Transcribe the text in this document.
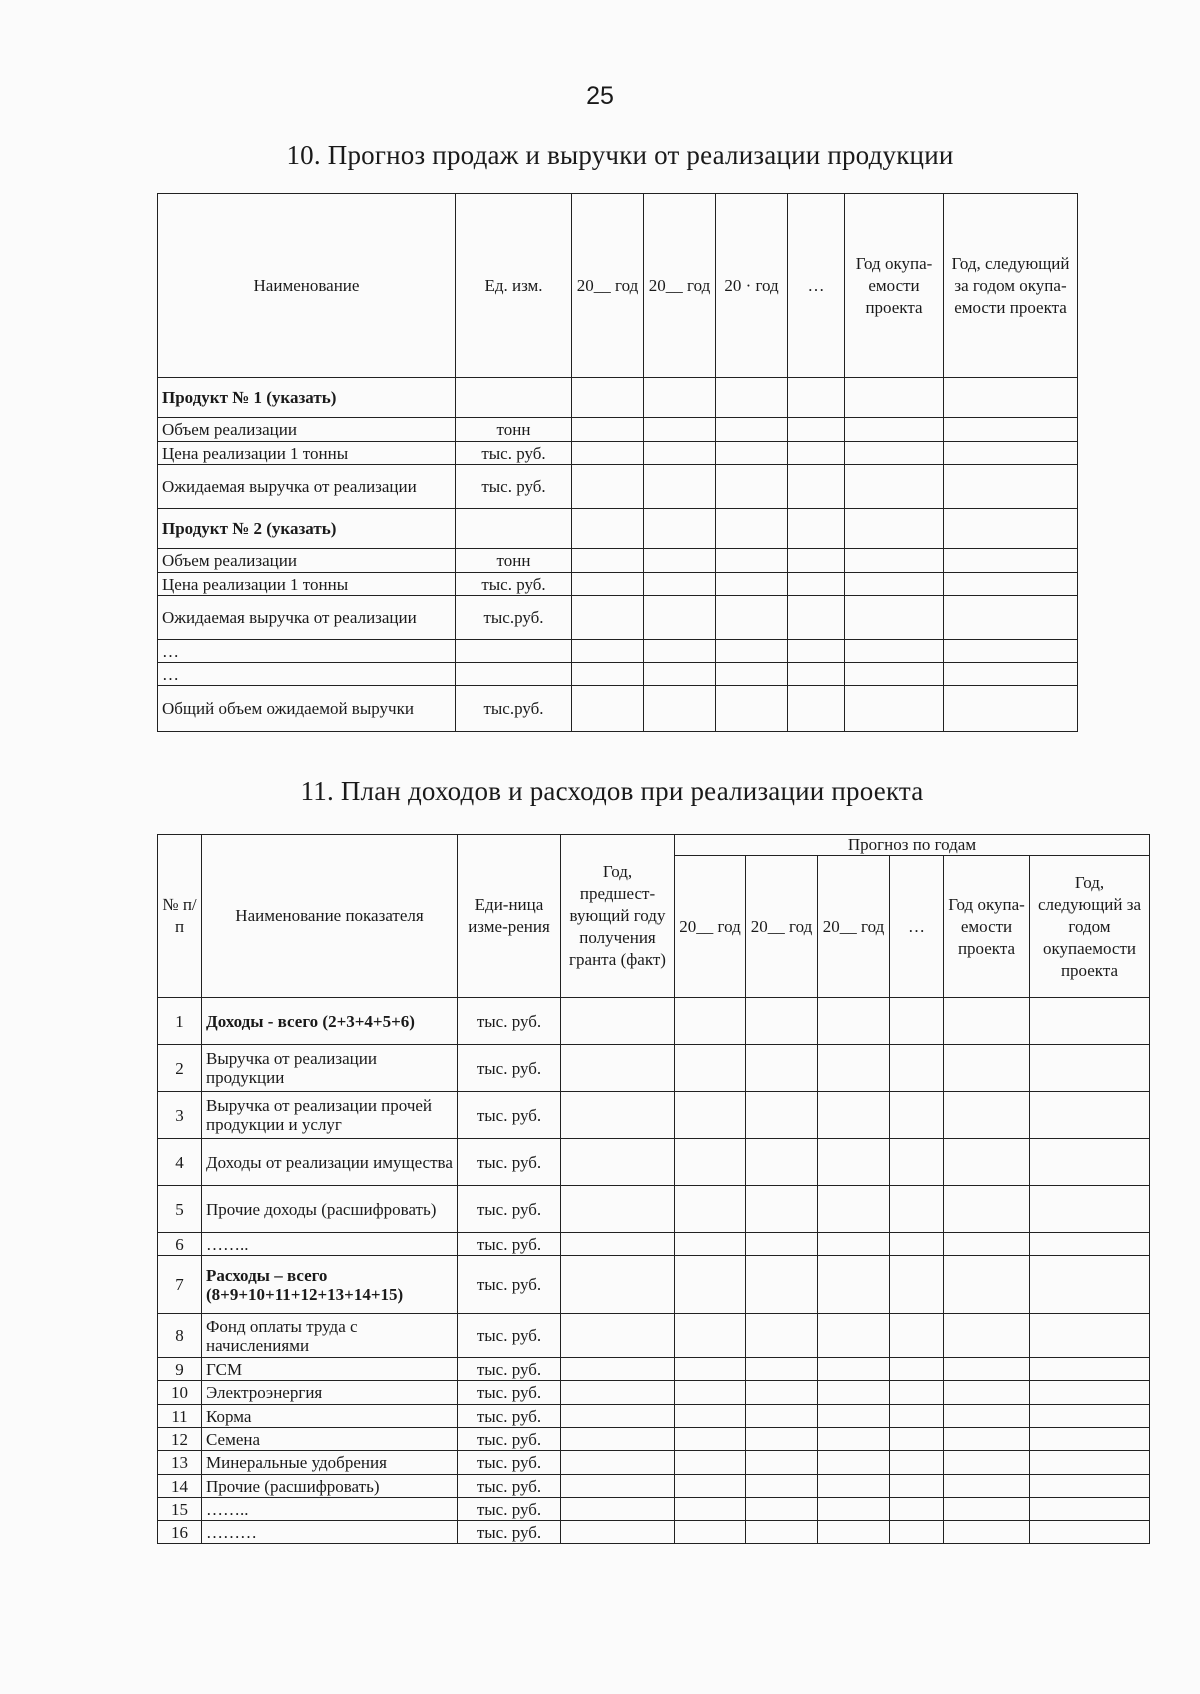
25
10. Прогноз продаж и выручки от реализации продукции
Наименование	Ед. изм.	20__ год	20__ год	20 · год	…	Год окупа-емости проекта	Год, следующий за годом окупа-емости проекта
Продукт № 1 (указать)							
Объем реализации	тонн						
Цена реализации 1 тонны	тыс. руб.						
Ожидаемая выручка от реализации	тыс. руб.						
Продукт № 2 (указать)							
Объем реализации	тонн						
Цена реализации 1 тонны	тыс. руб.						
Ожидаемая выручка от реализации	тыс.руб.						
…							
…							
Общий объем ожидаемой выручки	тыс.руб.						
11. План доходов и расходов при реализации проекта
№ п/ п	Наименование показателя	Еди-ница изме-рения	Год, предшест-вующий году получения гранта (факт)	Прогноз по годам					
				20__ год	20__ год	20__ год	…	Год окупа-емости проекта	Год, следующий за годом окупаемости проекта
1	Доходы - всего (2+3+4+5+6)	тыс. руб.							
2	Выручка от реализации продукции	тыс. руб.							
3	Выручка от реализации прочей продукции и услуг	тыс. руб.							
4	Доходы от реализации имущества	тыс. руб.							
5	Прочие доходы (расшифровать)	тыс. руб.							
6	……..	тыс. руб.							
7	Расходы – всего (8+9+10+11+12+13+14+15)	тыс. руб.							
8	Фонд оплаты труда с начислениями	тыс. руб.							
9	ГСМ	тыс. руб.							
10	Электроэнергия	тыс. руб.							
11	Корма	тыс. руб.							
12	Семена	тыс. руб.							
13	Минеральные удобрения	тыс. руб.							
14	Прочие (расшифровать)	тыс. руб.							
15	……..	тыс. руб.							
16	………	тыс. руб.							
